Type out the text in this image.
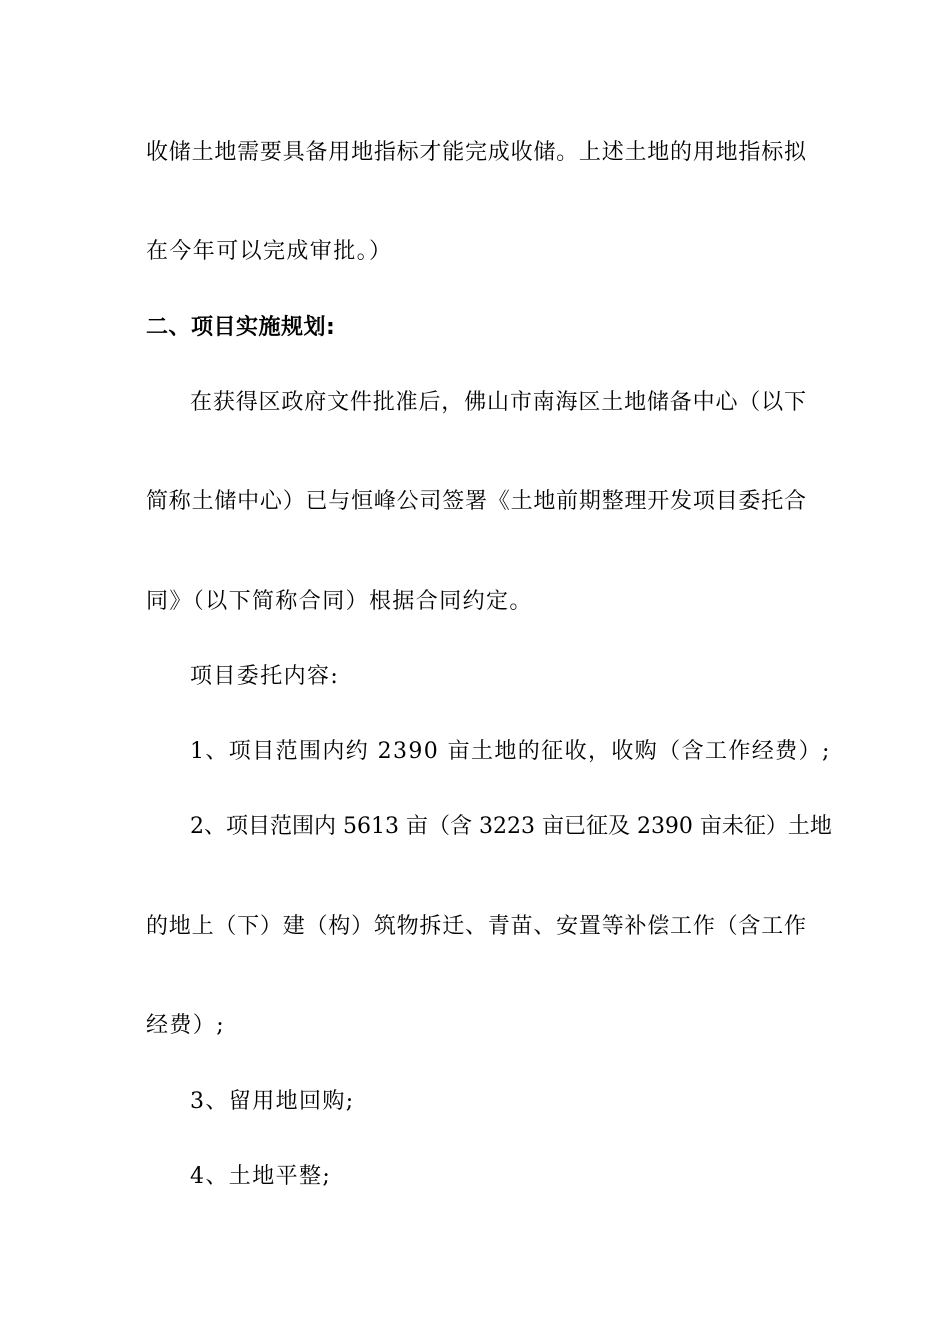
收储土地需要具备用地指标才能完成收储。上述土地的用地指标拟
在今年可以完成审批。）
二、项目实施规划:
在获得区政府文件批准后，佛山市南海区土地储备中心（以下
简称土储中心）已与恒峰公司签署《土地前期整理开发项目委托合
同》（以下简称合同）根据合同约定。
项目委托内容:
1、项目范围内约 2390 亩土地的征收，收购（含工作经费）;
2、项目范围内 5613 亩（含 3223 亩已征及 2390 亩未征）土地
的地上（下）建（构）筑物拆迁、青苗、安置等补偿工作（含工作
经费）;
3、留用地回购;
4、土地平整;
